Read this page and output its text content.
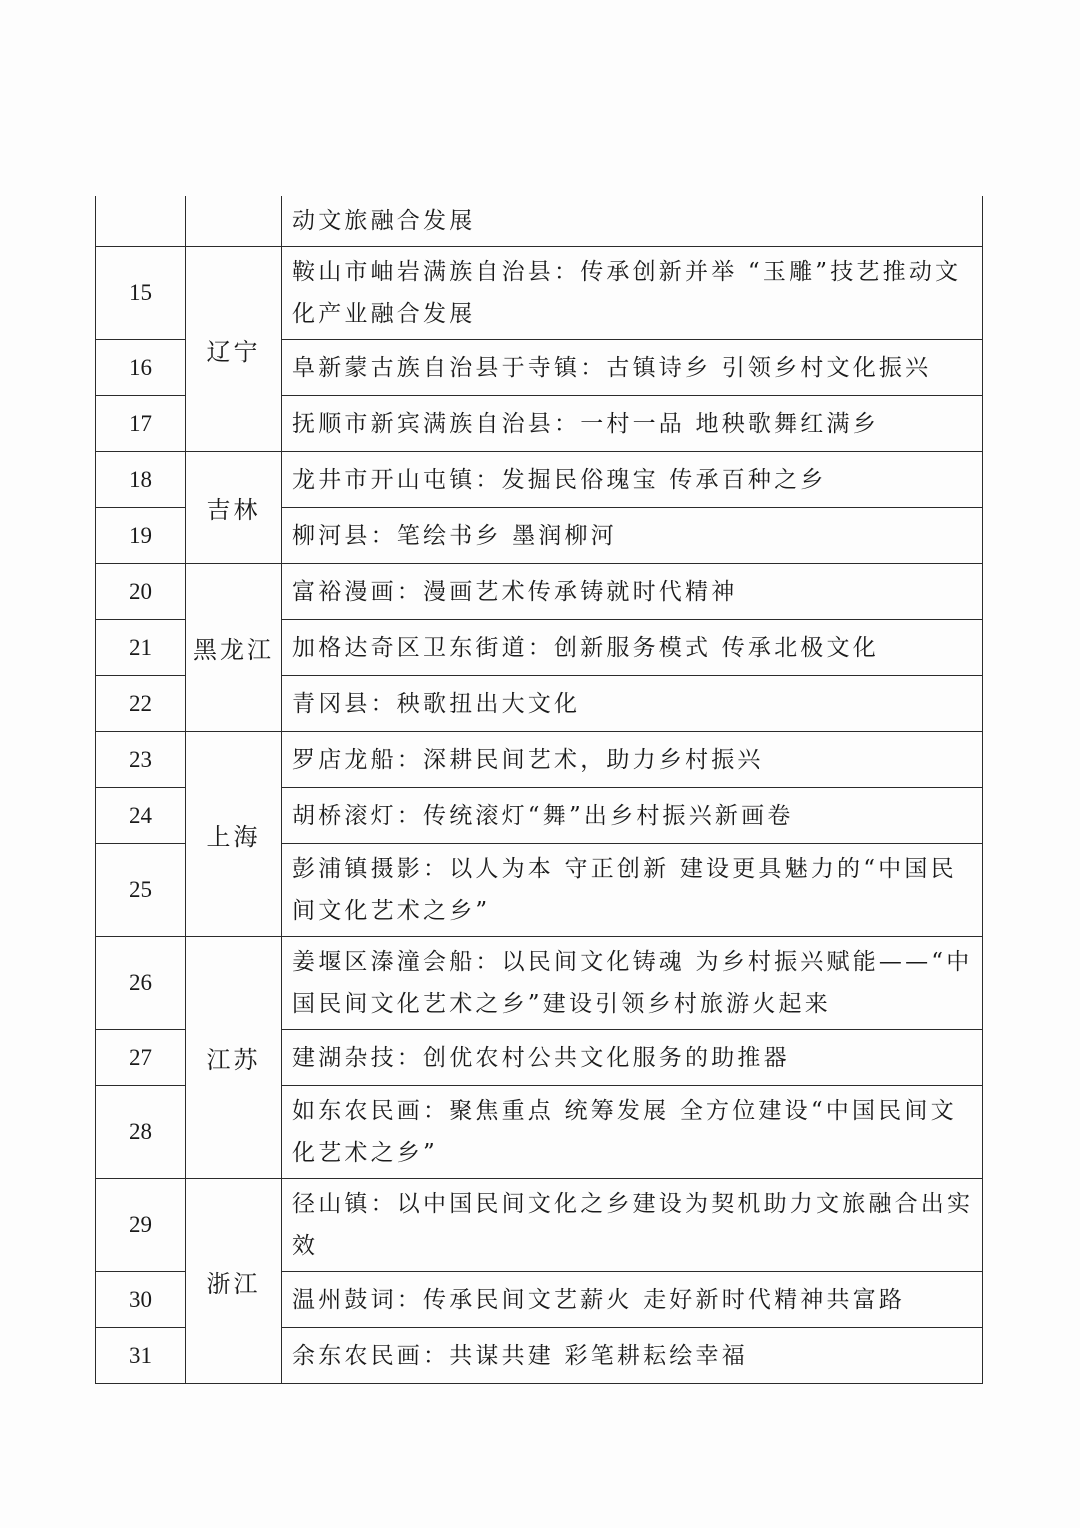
		动文旅融合发展
15	辽宁	鞍山市岫岩满族自治县：传承创新并举 “玉雕”技艺推动文化产业融合发展
16		阜新蒙古族自治县于寺镇：古镇诗乡 引领乡村文化振兴
17		抚顺市新宾满族自治县：一村一品 地秧歌舞红满乡
18	吉林	龙井市开山屯镇：发掘民俗瑰宝 传承百种之乡
19		柳河县：笔绘书乡 墨润柳河
20	黑龙江	富裕漫画：漫画艺术传承铸就时代精神
21		加格达奇区卫东街道：创新服务模式 传承北极文化
22		青冈县：秧歌扭出大文化
23	上海	罗店龙船：深耕民间艺术，助力乡村振兴
24		胡桥滚灯：传统滚灯“舞”出乡村振兴新画卷
25		彭浦镇摄影：以人为本 守正创新 建设更具魅力的“中国民间文化艺术之乡”
26	江苏	姜堰区溱潼会船：以民间文化铸魂 为乡村振兴赋能——“中国民间文化艺术之乡”建设引领乡村旅游火起来
27		建湖杂技：创优农村公共文化服务的助推器
28		如东农民画：聚焦重点 统筹发展 全方位建设“中国民间文化艺术之乡”
29	浙江	径山镇：以中国民间文化之乡建设为契机助力文旅融合出实效
30		温州鼓词：传承民间文艺薪火 走好新时代精神共富路
31		余东农民画：共谋共建 彩笔耕耘绘幸福
